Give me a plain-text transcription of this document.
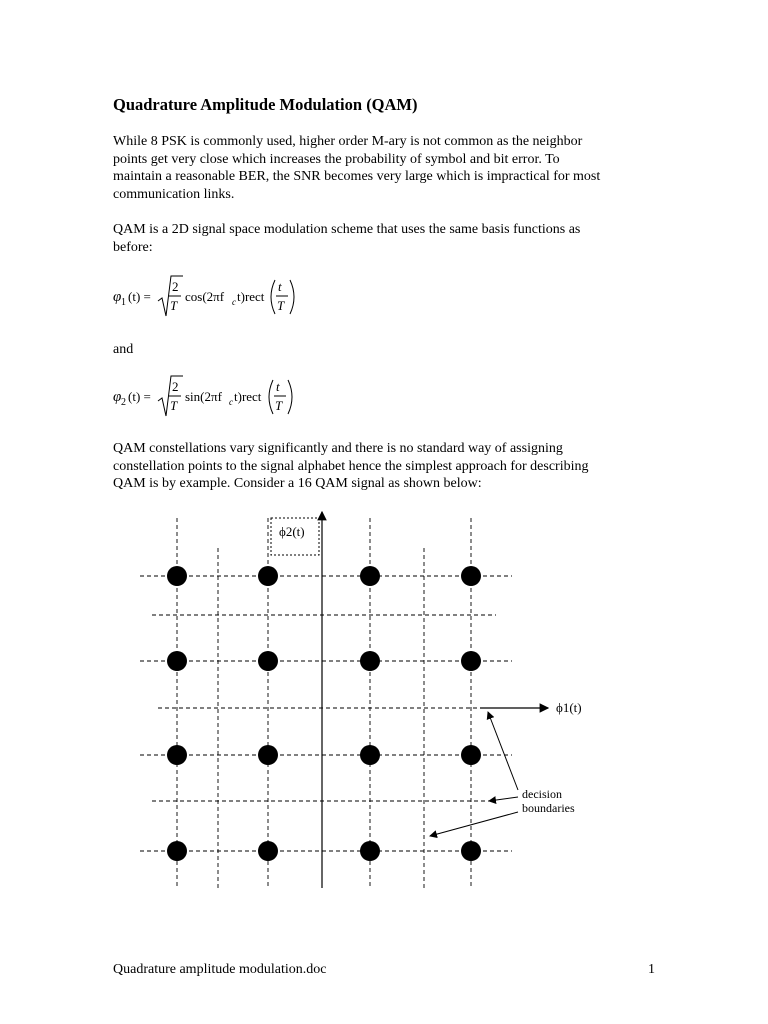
Quadrature Amplitude Modulation (QAM)
While 8 PSK is commonly used, higher order M-ary is not common as the neighbor
points get very close which increases the probability of symbol and bit error. To
maintain a reasonable BER, the SNR becomes very large which is impractical for most
communication links.
QAM is a 2D signal space modulation scheme that uses the same basis functions as
before:
φ 1 (t) =
2
T
cos(2πf c t)rect
t
T
and
φ 2 (t) =
2
T
sin(2πf c t)rect
t
T
QAM constellations vary significantly and there is no standard way of assigning
constellation points to the signal alphabet hence the simplest approach for describing
QAM is by example. Consider a 16 QAM signal as shown below:
ϕ2(t)
ϕ1(t)
decision
boundaries
Quadrature amplitude modulation.doc	1
